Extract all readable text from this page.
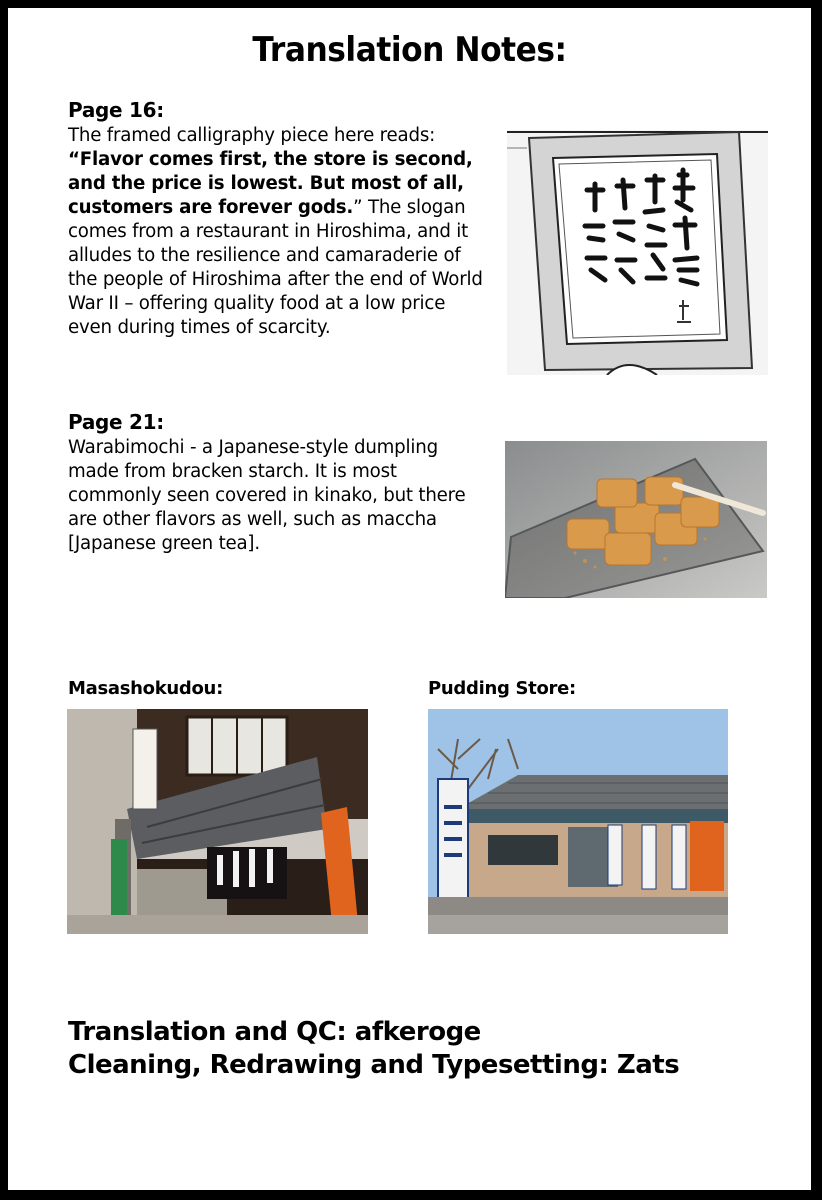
Translation Notes:
Page 16:
The framed calligraphy piece here reads: “Flavor comes first, the store is second, and the price is lowest. But most of all, customers are forever gods.” The slogan comes from a restaurant in Hiroshima, and it alludes to the resilience and camaraderie of the people of Hiroshima after the end of World War II – offering quality food at a low price even during times of scarcity.
Page 21:
Warabimochi - a Japanese-style dumpling made from bracken starch. It is most commonly seen covered in kinako, but there are other flavors as well, such as maccha [Japanese green tea].
Masashokudou:	Pudding Store:
Translation and QC: afkeroge
Cleaning, Redrawing and Typesetting: Zats
